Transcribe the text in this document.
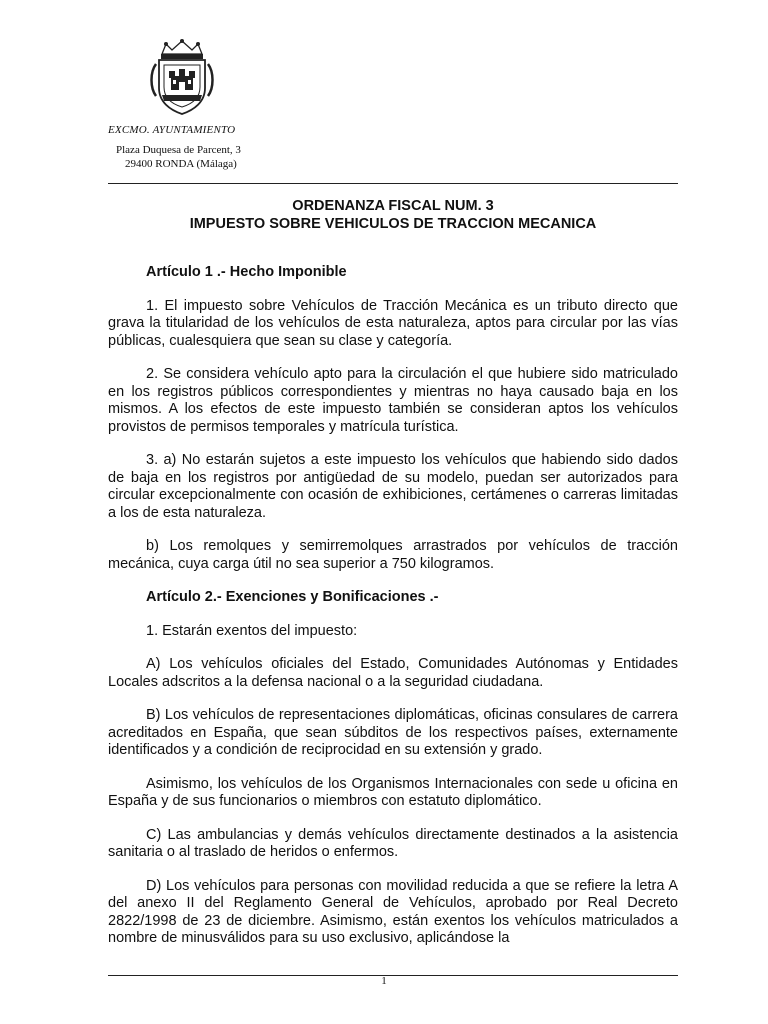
EXCMO. AYUNTAMIENTO
Plaza Duquesa de Parcent, 3
29400 RONDA (Málaga)
ORDENANZA FISCAL NUM. 3
IMPUESTO SOBRE VEHICULOS DE TRACCION MECANICA

Artículo 1 .- Hecho Imponible

1. El impuesto sobre Vehículos de Tracción Mecánica es un tributo directo que grava la titularidad de los vehículos de esta naturaleza, aptos para circular por las vías públicas, cualesquiera que sean su clase y categoría.

2. Se considera vehículo apto para la circulación el que hubiere sido matriculado en los registros públicos correspondientes y mientras no haya causado baja en los mismos. A los efectos de este impuesto también se consideran aptos los vehículos provistos de permisos temporales y matrícula turística.

3. a) No estarán sujetos a este impuesto los vehículos que habiendo sido dados de baja en los registros por antigüedad de su modelo, puedan ser autorizados para circular excepcionalmente con ocasión de exhibiciones, certámenes o carreras limitadas a los de esta naturaleza.

b) Los remolques y semirremolques arrastrados por vehículos de tracción mecánica, cuya carga útil no sea superior a 750 kilogramos.

Artículo 2.- Exenciones y Bonificaciones .-

1. Estarán exentos del impuesto:

A) Los vehículos oficiales del Estado, Comunidades Autónomas y Entidades Locales adscritos a la defensa nacional o a la seguridad ciudadana.

B) Los vehículos de representaciones diplomáticas, oficinas consulares de carrera acreditados en España, que sean súbditos de los respectivos países, externamente identificados y a condición de reciprocidad en su extensión y grado.

Asimismo, los vehículos de los Organismos Internacionales con sede u oficina en España y de sus funcionarios o miembros con estatuto diplomático.

C) Las ambulancias y demás vehículos directamente destinados a la asistencia sanitaria o al traslado de heridos o enfermos.

D) Los vehículos para personas con movilidad reducida a que se refiere la letra A del anexo II del Reglamento General de Vehículos, aprobado por Real Decreto 2822/1998 de 23 de diciembre. Asimismo, están exentos los vehículos matriculados a nombre de minusválidos para su uso exclusivo, aplicándose la

1
